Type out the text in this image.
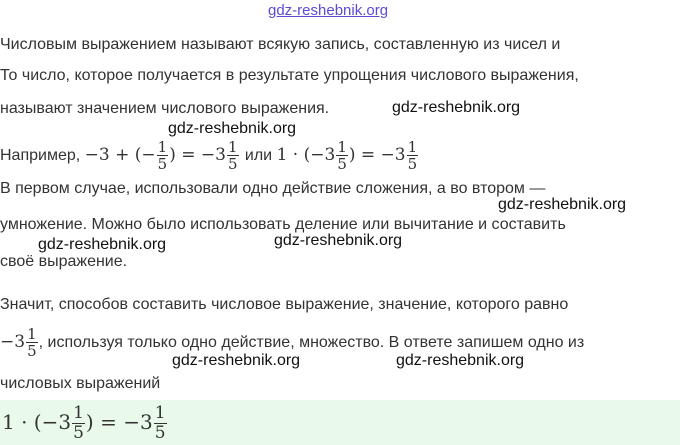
gdz-reshebnik.org
Числовым выражением называют всякую запись, составленную из чисел и
То число, которое получается в результате упрощения числового выражения,
называют значением числового выражения.	gdz-reshebnik.org
gdz-reshebnik.org
Например, −3 + (− $\frac{1}{5}$ ) = $-3 \frac{1}{5}$ или $1 \cdot (-3 \frac{1}{5}$ ) = $-3 \frac{1}{5}$
В первом случае, использовали одно действие сложения, а во втором —
gdz-reshebnik.org
умножение. Можно было использовать деление или вычитание и составить
gdz-reshebnik.org	gdz-reshebnik.org
своё выражение.
Значит, способов составить числовое выражение, значение, которого равно
$-3 \frac{1}{5}$ , используя только одно действие, множество. В ответе запишем одно из
gdz-reshebnik.org	gdz-reshebnik.org
числовых выражений
$1 \cdot (-3 \frac{1}{5}$ ) = $-3 \frac{1}{5}$
